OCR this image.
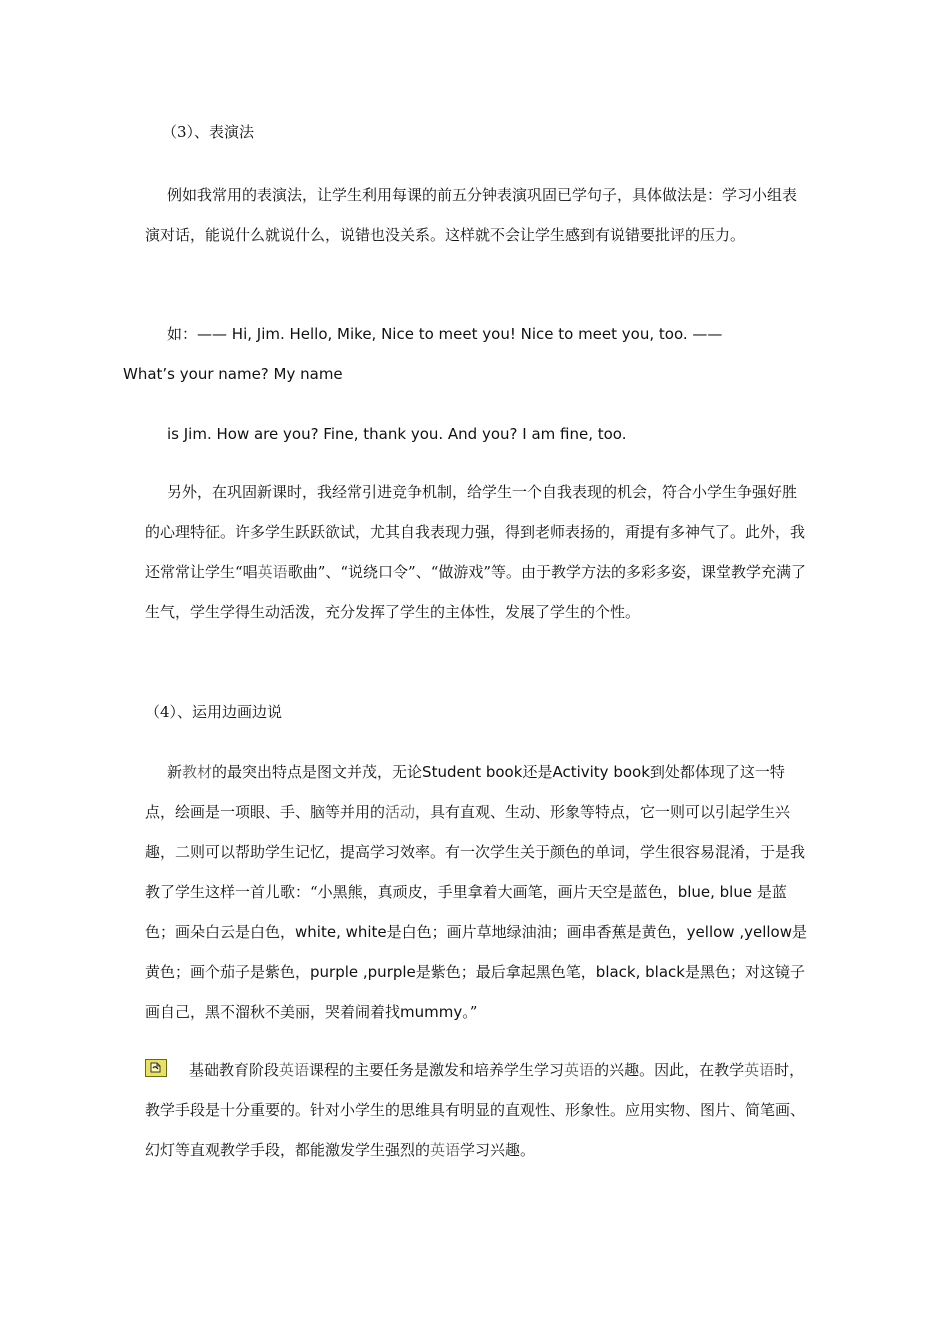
（3）、表演法

例如我常用的表演法，让学生利用每课的前五分钟表演巩固已学句子，具体做法是：学习小组表演对话，能说什么就说什么，说错也没关系。这样就不会让学生感到有说错要批评的压力。

如：—— Hi, Jim. Hello, Mike, Nice to meet you! Nice to meet you, too. ——
What’s your name? My name

is Jim. How are you? Fine, thank you. And you? I am fine, too.

另外，在巩固新课时，我经常引进竞争机制，给学生一个自我表现的机会，符合小学生争强好胜的心理特征。许多学生跃跃欲试，尤其自我表现力强，得到老师表扬的，甭提有多神气了。此外，我还常常让学生“唱英语歌曲”、“说绕口令”、“做游戏”等。由于教学方法的多彩多姿，课堂教学充满了生气，学生学得生动活泼，充分发挥了学生的主体性，发展了学生的个性。

（4）、运用边画边说

新教材的最突出特点是图文并茂，无论Student book还是Activity book到处都体现了这一特点，绘画是一项眼、手、脑等并用的活动，具有直观、生动、形象等特点，它一则可以引起学生兴趣，二则可以帮助学生记忆，提高学习效率。有一次学生关于颜色的单词，学生很容易混淆，于是我教了学生这样一首儿歌：“小黑熊，真顽皮，手里拿着大画笔，画片天空是蓝色，blue, blue 是蓝色；画朵白云是白色，white, white是白色；画片草地绿油油；画串香蕉是黄色，yellow ,yellow是黄色；画个茄子是紫色，purple ,purple是紫色；最后拿起黑色笔，black, black是黑色；对这镜子画自己，黑不溜秋不美丽，哭着闹着找mummy。”

基础教育阶段英语课程的主要任务是激发和培养学生学习英语的兴趣。因此，在教学英语时，教学手段是十分重要的。针对小学生的思维具有明显的直观性、形象性。应用实物、图片、简笔画、幻灯等直观教学手段，都能激发学生强烈的英语学习兴趣。
